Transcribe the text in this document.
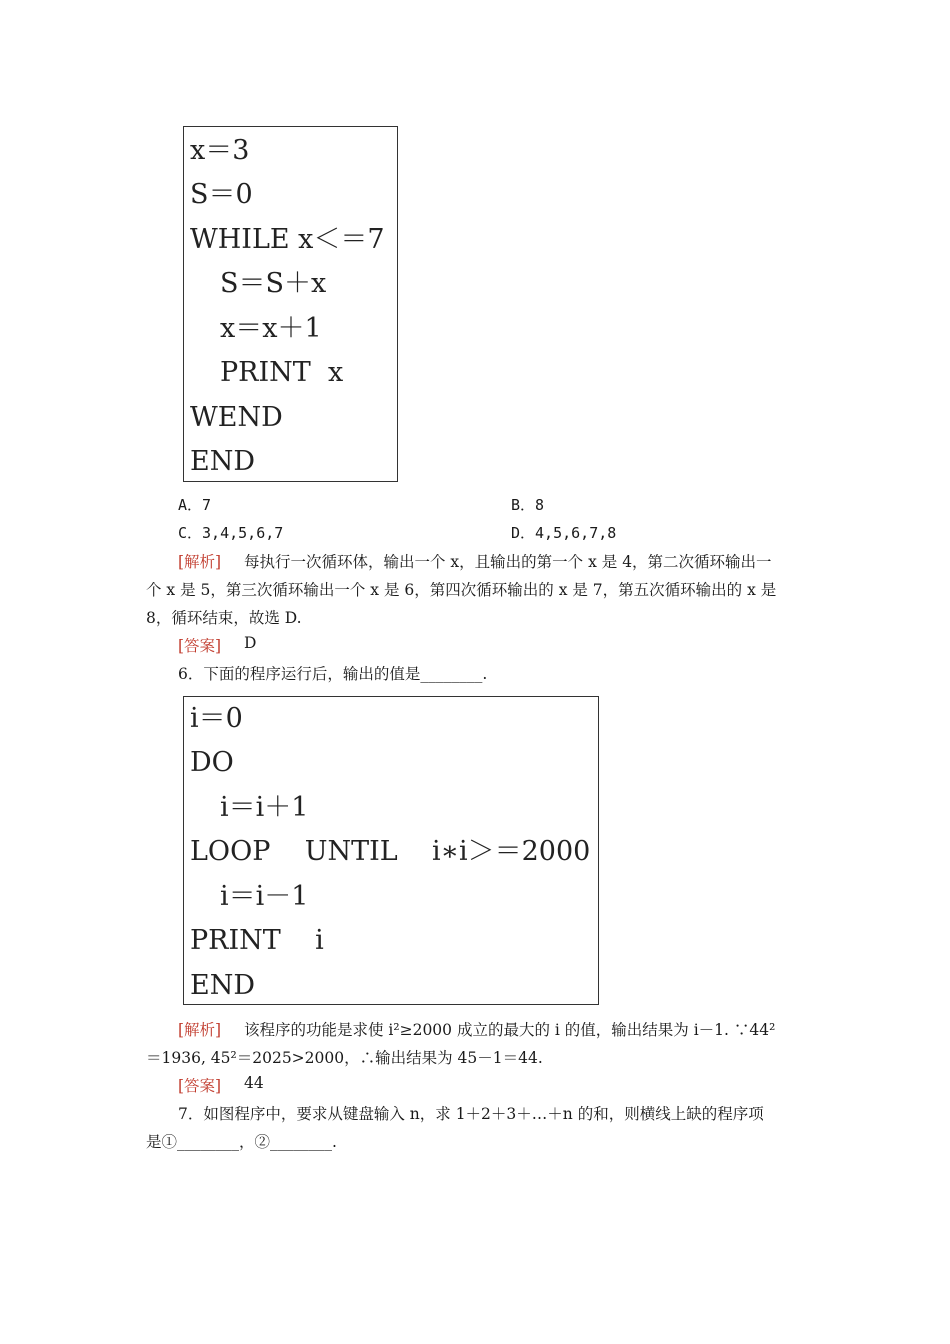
x＝3
S＝0
WHILE x＜＝7
S＝S＋x
x＝x＋1
PRINT  x
WEND
END
A．7	B．8
C．3,4,5,6,7	D．4,5,6,7,8
[解析] 每执行一次循环体，输出一个 x，且输出的第一个 x 是 4，第二次循环输出一
个 x 是 5，第三次循环输出一个 x 是 6，第四次循环输出的 x 是 7，第五次循环输出的 x 是
8，循环结束，故选 D.
[答案] D
6．下面的程序运行后，输出的值是________.
i＝0
DO
i＝i＋1
LOOP    UNTIL    i∗i＞＝2000
i＝i－1
PRINT    i
END
[解析] 该程序的功能是求使 i²≥2000 成立的最大的 i 的值，输出结果为 i－1. ∵44²
＝1936, 45²＝2025>2000，∴输出结果为 45－1＝44.
[答案] 44
7．如图程序中，要求从键盘输入 n，求 1＋2＋3＋…＋n 的和，则横线上缺的程序项
是①________，②________.
